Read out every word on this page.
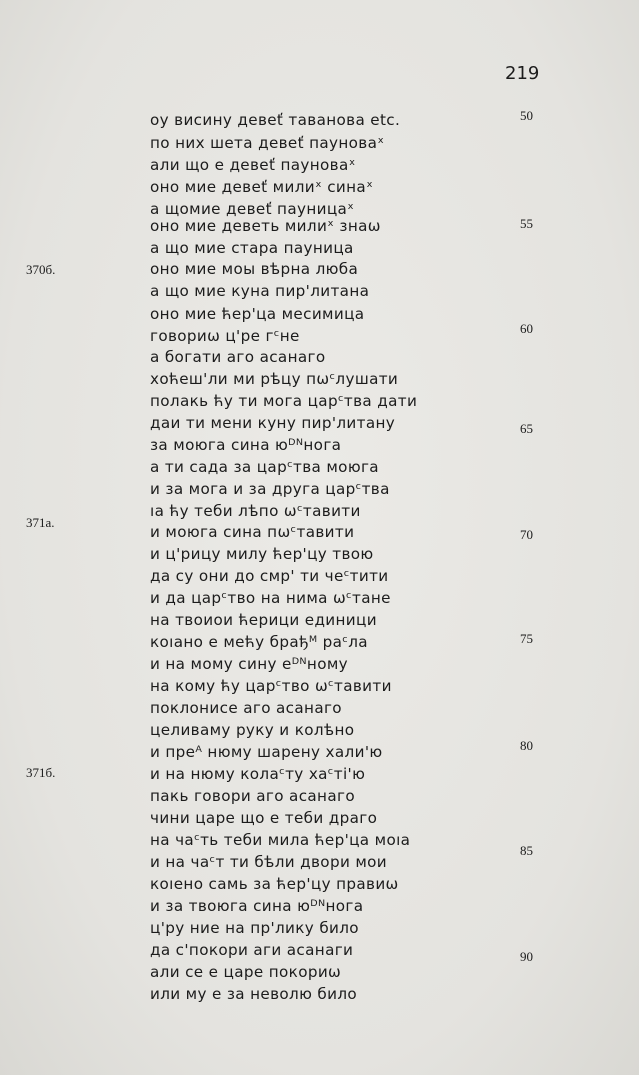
219
оу висину девеť таванова etc.
по них шета девеť пауноваˣ
али що е девеť пауноваˣ
оно мие девеť милиˣ синаˣ
а щомие девеť пауницаˣ
оно мие деветь милиˣ знаѡ
а що мие стара пауница
оно мие моы вѣрна люба
а що мие куна пир'литана
оно мие ћер'ца месимица
говориѡ ц'ре гᶜне
а богати аго асанаго
хоћеш'ли ми рѣцу пѡᶜлушати
полакь ћу ти мога царᶜтва дати
даи ти мени куну пир'литану
за моюга сина юᴰᴺнога
а ти сада за царᶜтва моюга
и за мога и за друга царᶜтва
ıa ћу теби лѣпо ѡᶜтавити
и моюга сина пѡᶜтавити
и ц'рицу милу ћер'цу твою
да су они до смр' ти чеᶜтити
и да царᶜтво на нима ѡᶜтане
на твоиои ћерици единици
коıано е мећу брађᴹ раᶜла
и на мому сину еᴰᴺному
на кому ћу царᶜтво ѡᶜтавити
поклонисе аго асанаго
целиваму руку и колѣно
и преᴬ нюму шарену хали'ю
и на нюму колаᶜту хаᶜті'ю
пакь говори аго асанаго
чини царе що е теби драго
на чаᶜть теби мила ћер'ца моıа
и на чаᶜт ти бѣли двори мои
коıено самь за ћер'цу правиѡ
и за твоюга сина юᴰᴺнога
ц'ру ние на пр'лику било
да с'покори аги асанаги
али се е царе покориѡ
или му е за неволю било
50
55
60
65
70
75
80
85
90
370б.
371а.
371б.
